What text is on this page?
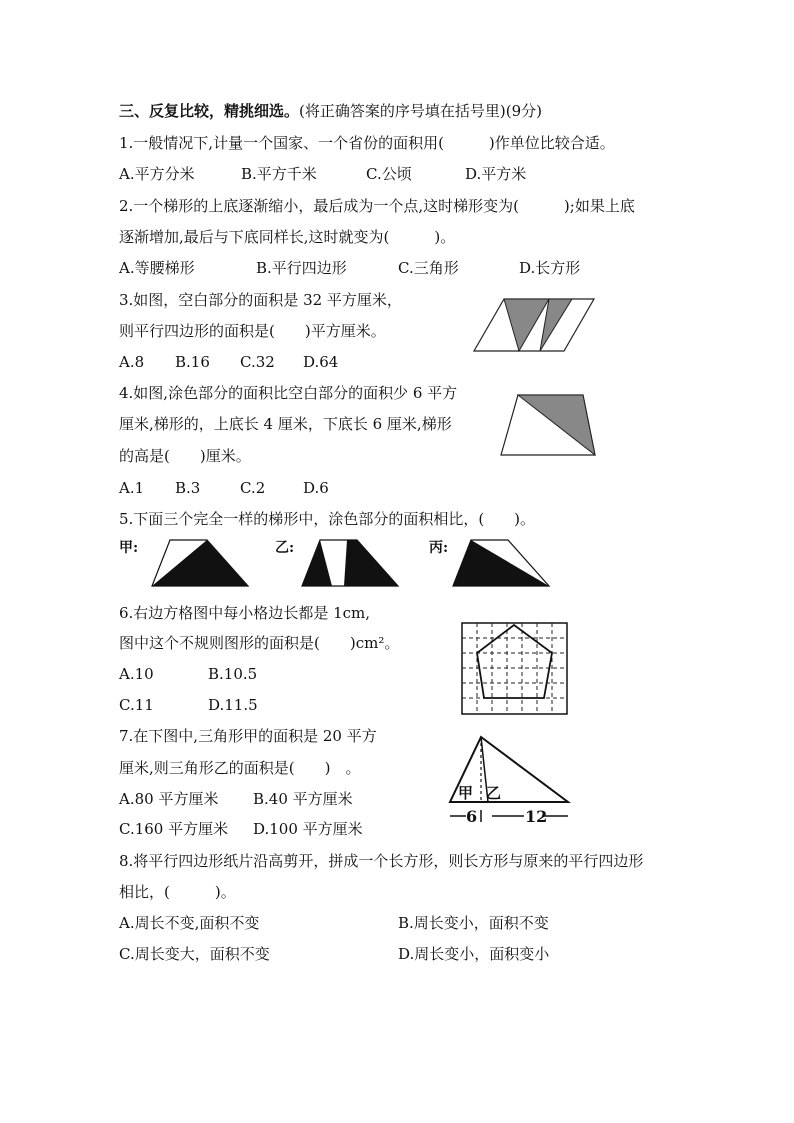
三、反复比较，精挑细选。(将正确答案的序号填在括号里)(9分)
1.一般情况下,计量一个国家、一个省份的面积用(　　　)作单位比较合适。
A.平方分米	B.平方千米	C.公顷	D.平方米
2.一个梯形的上底逐渐缩小，最后成为一个点,这时梯形变为(　　　);如果上底
逐渐增加,最后与下底同样长,这时就变为(　　　)。
A.等腰梯形	B.平行四边形	C.三角形	D.长方形
3.如图，空白部分的面积是 32 平方厘米，
则平行四边形的面积是(　　)平方厘米。
A.8 B.16 C.32 D.64
4.如图,涂色部分的面积比空白部分的面积少 6 平方
厘米,梯形的，上底长 4 厘米，下底长 6 厘米,梯形
的高是(　　)厘米。
A.1 B.3	C.2	D.6
5.下面三个完全一样的梯形中，涂色部分的面积相比，(　　)。
甲:	乙:	丙:
6.右边方格图中每小格边长都是 1cm,
图中这个不规则图形的面积是(　　)cm²。
A.10	B.10.5
C.11	D.11.5
7.在下图中,三角形甲的面积是 20 平方
厘米,则三角形乙的面积是(　　)　。
A.80 平方厘米 B.40 平方厘米
C.160 平方厘米 D.100 平方厘米
甲 乙
6	12
8.将平行四边形纸片沿高剪开，拼成一个长方形，则长方形与原来的平行四边形
相比，(　　　)。
A.周长不变,面积不变	B.周长变小，面积不变
C.周长变大，面积不变	D.周长变小，面积变小
